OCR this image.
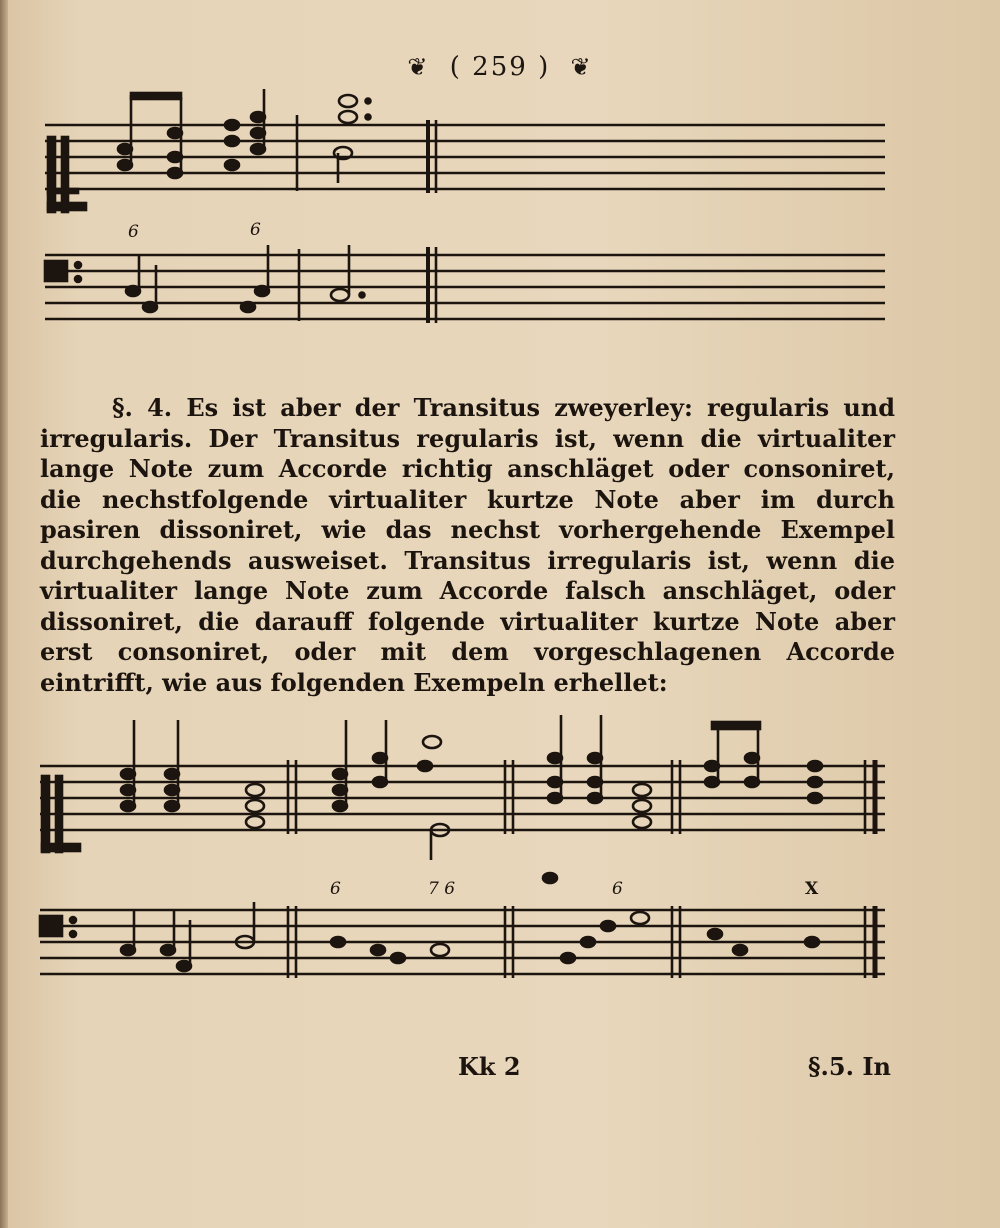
❦ ( 259 ) ❦
6	6

§. 4. Es ist aber der Transitus zweyerley: regularis und irregularis. Der Transitus regularis ist, wenn die virtualiter lange Note zum Accorde richtig anschläget oder consoniret, die nechstfolgende virtualiter kurtze Note aber im durch pasiren dissoniret, wie das nechst vorhergehende Exempel durchgehends ausweiset. Transitus irregularis ist, wenn die virtualiter lange Note zum Accorde falsch anschläget, oder dissoniret, die darauff folgende virtualiter kurtze Note aber erst consoniret, oder mit dem vorgeschlagenen Accorde eintrifft, wie aus folgenden Exempeln erhellet:

6	7 6	6	X
Kk 2	§.5. In
